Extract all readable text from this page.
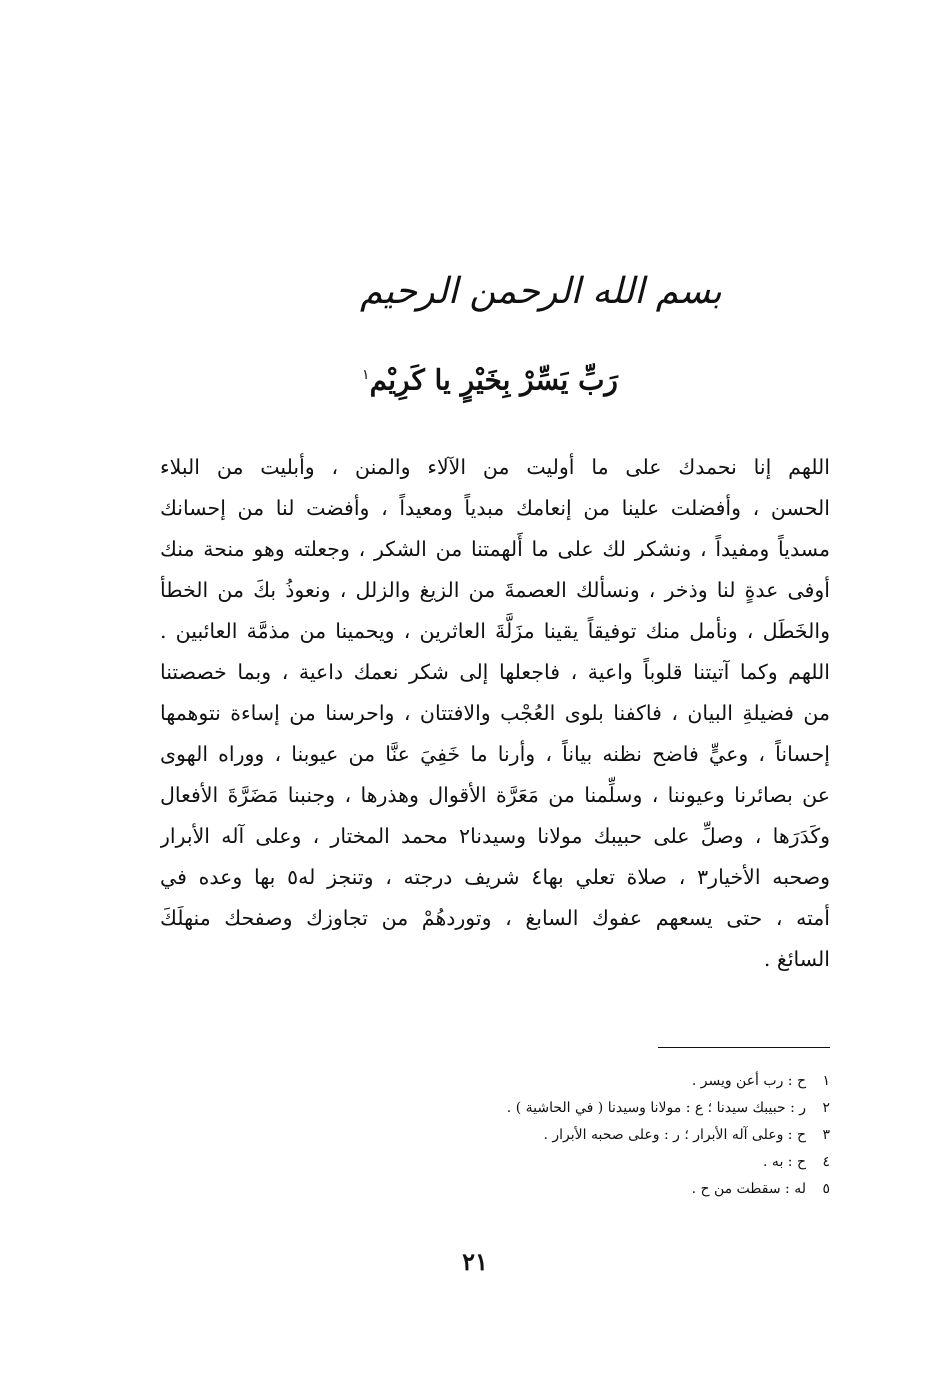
بسم الله الرحمن الرحيم
رَبِّ يَسِّرْ بِخَيْرٍ يا كَرِيْم$^١$
اللهم إنا نحمدك على ما أوليت من الآلاء والمنن ، وأبليت من البلاء
الحسن ، وأفضلت علينا من إنعامك مبدياً ومعيداً ، وأفضت لنا من إحسانك
مسدياً ومفيداً ، ونشكر لك على ما أَلهمتنا من الشكر ، وجعلته وهو منحة منك
أوفى عدةٍ لنا وذخر ، ونسألك العصمةَ من الزيغ والزلل ، ونعوذُ بكَ من الخطأ
والخَطَل ، ونأمل منك توفيقاً يقينا مزَلَّةَ العاثرين ، ويحمينا من مذمَّة العائبين .
اللهم وكما آتيتنا قلوباً واعية ، فاجعلها إلى شكر نعمك داعية ، وبما خصصتنا
من فضيلةِ البيان ، فاكفنا بلوى العُجْب والافتتان ، واحرسنا من إساءة نتوهمها
إحساناً ، وعيٍّ فاضح نظنه بياناً ، وأرنا ما خَفِيَ عنَّا من عيوبنا ، ووراه الهوى
عن بصائرنا وعيوننا ، وسلِّمنا من مَعَرَّة الأقوال وهذرها ، وجنبنا مَضَرَّةَ الأفعال
وكَدَرَها ، وصلِّ على حبيبك مولانا وسيدنا٢ محمد المختار ، وعلى آله الأبرار
وصحبه الأخيار٣ ، صلاة تعلي بها٤ شريف درجته ، وتنجز له٥ بها وعده في
أمته ، حتى يسعهم عفوك السابغ ، وتوردهُمْ من تجاوزك وصفحك منهلَكَ
السائغ .
١ح : رب أعن ويسر .
٢ر : حبيبك سيدنا ؛ ع : مولانا وسيدنا ( في الحاشية ) .
٣ح : وعلى آله الأبرار ؛ ر : وعلى صحبه الأبرار .
٤ح : به .
٥له : سقطت من ح .
٢١
